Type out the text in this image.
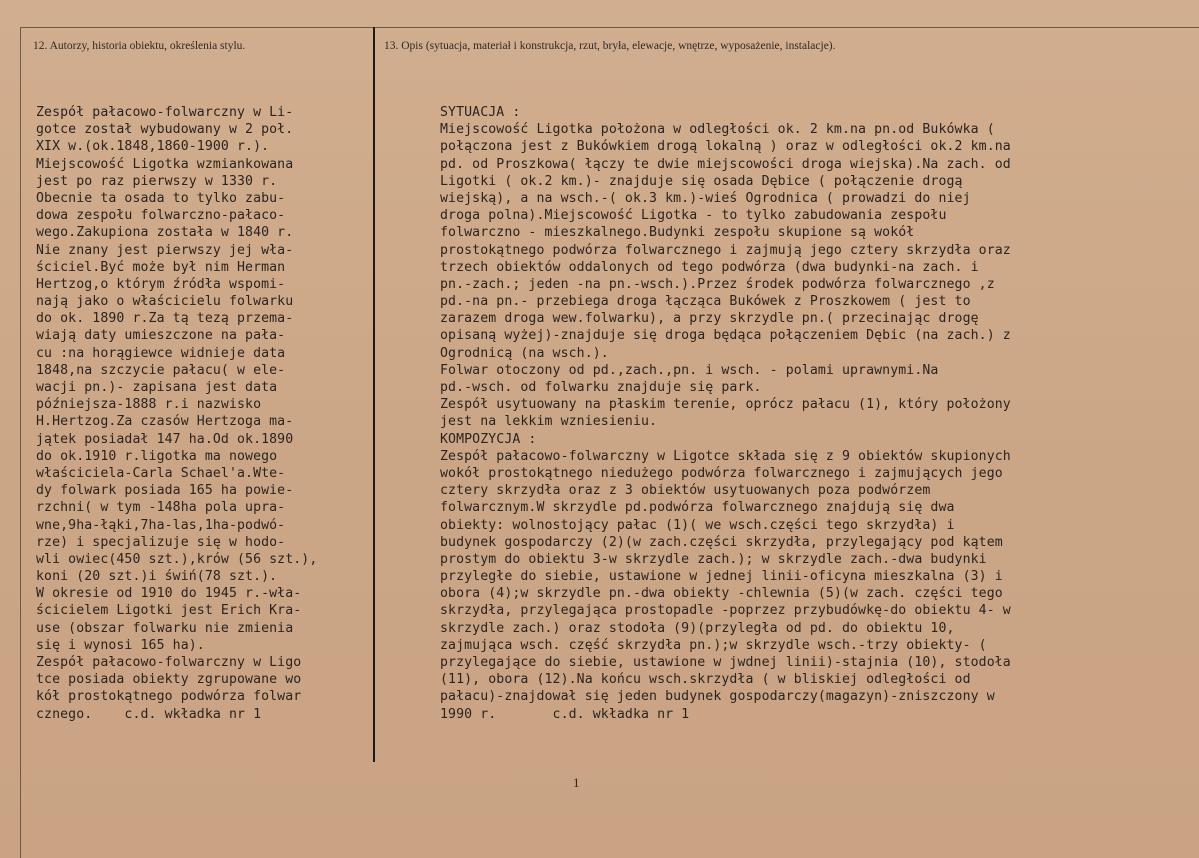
12. Autorzy, historia obiektu, określenia stylu.	13. Opis (sytuacja, materiał i konstrukcja, rzut, bryła, elewacje, wnętrze, wyposażenie, instalacje).
Zespół pałacowo-folwarczny w Li-
gotce został wybudowany w 2 poł.
XIX w.(ok.1848,1860-1900 r.).
Miejscowość Ligotka wzmiankowana
jest po raz pierwszy w 1330 r.
Obecnie ta osada to tylko zabu-
dowa zespołu folwarczno-pałaco-
wego.Zakupiona została w 1840 r.
Nie znany jest pierwszy jej wła-
ściciel.Być może był nim Herman
Hertzog,o którym źródła wspomi-
nają jako o właścicielu folwarku
do ok. 1890 r.Za tą tezą przema-
wiają daty umieszczone na pała-
cu :na horągiewce widnieje data
1848,na szczycie pałacu( w ele-
wacji pn.)- zapisana jest data
późniejsza-1888 r.i nazwisko
H.Hertzog.Za czasów Hertzoga ma-
jątek posiadał 147 ha.Od ok.1890
do ok.1910 r.ligotka ma nowego
właściciela-Carla Schael'a.Wte-
dy folwark posiada 165 ha powie-
rzchni( w tym -148ha pola upra-
wne,9ha-łąki,7ha-las,1ha-podwó-
rze) i specjalizuje się w hodo-
wli owiec(450 szt.),krów (56 szt.),
koni (20 szt.)i świń(78 szt.).
W okresie od 1910 do 1945 r.-wła-
ścicielem Ligotki jest Erich Kra-
use (obszar folwarku nie zmienia
się i wynosi 165 ha).
Zespół pałacowo-folwarczny w Ligo
tce posiada obiekty zgrupowane wo
kół prostokątnego podwórza folwar
cznego.    c.d. wkładka nr 1
SYTUACJA :
Miejscowość Ligotka położona w odległości ok. 2 km.na pn.od Bukówka (
połączona jest z Bukówkiem drogą lokalną ) oraz w odległości ok.2 km.na
pd. od Proszkowa( łączy te dwie miejscowości droga wiejska).Na zach. od
Ligotki ( ok.2 km.)- znajduje się osada Dębice ( połączenie drogą
wiejską), a na wsch.-( ok.3 km.)-wieś Ogrodnica ( prowadzi do niej
droga polna).Miejscowość Ligotka - to tylko zabudowania zespołu
folwarczno - mieszkalnego.Budynki zespołu skupione są wokół
prostokątnego podwórza folwarcznego i zajmują jego cztery skrzydła oraz
trzech obiektów oddalonych od tego podwórza (dwa budynki-na zach. i
pn.-zach.; jeden -na pn.-wsch.).Przez środek podwórza folwarcznego ,z
pd.-na pn.- przebiega droga łącząca Bukówek z Proszkowem ( jest to
zarazem droga wew.folwarku), a przy skrzydle pn.( przecinając drogę
opisaną wyżej)-znajduje się droga będąca połączeniem Dębic (na zach.) z
Ogrodnicą (na wsch.).
Folwar otoczony od pd.,zach.,pn. i wsch. - polami uprawnymi.Na
pd.-wsch. od folwarku znajduje się park.
Zespół usytuowany na płaskim terenie, oprócz pałacu (1), który położony
jest na lekkim wzniesieniu.
KOMPOZYCJA :
Zespół pałacowo-folwarczny w Ligotce składa się z 9 obiektów skupionych
wokół prostokątnego niedużego podwórza folwarcznego i zajmujących jego
cztery skrzydła oraz z 3 obiektów usytuowanych poza podwórzem
folwarcznym.W skrzydle pd.podwórza folwarcznego znajdują się dwa
obiekty: wolnostojący pałac (1)( we wsch.części tego skrzydła) i
budynek gospodarczy (2)(w zach.części skrzydła, przylegający pod kątem
prostym do obiektu 3-w skrzydle zach.); w skrzydle zach.-dwa budynki
przyległe do siebie, ustawione w jednej linii-oficyna mieszkalna (3) i
obora (4);w skrzydle pn.-dwa obiekty -chlewnia (5)(w zach. części tego
skrzydła, przylegająca prostopadle -poprzez przybudówkę-do obiektu 4- w
skrzydle zach.) oraz stodoła (9)(przyległa od pd. do obiektu 10,
zajmująca wsch. część skrzydła pn.);w skrzydle wsch.-trzy obiekty- (
przylegające do siebie, ustawione w jwdnej linii)-stajnia (10), stodoła
(11), obora (12).Na końcu wsch.skrzydła ( w bliskiej odległości od
pałacu)-znajdował się jeden budynek gospodarczy(magazyn)-zniszczony w
1990 r.       c.d. wkładka nr 1
1
